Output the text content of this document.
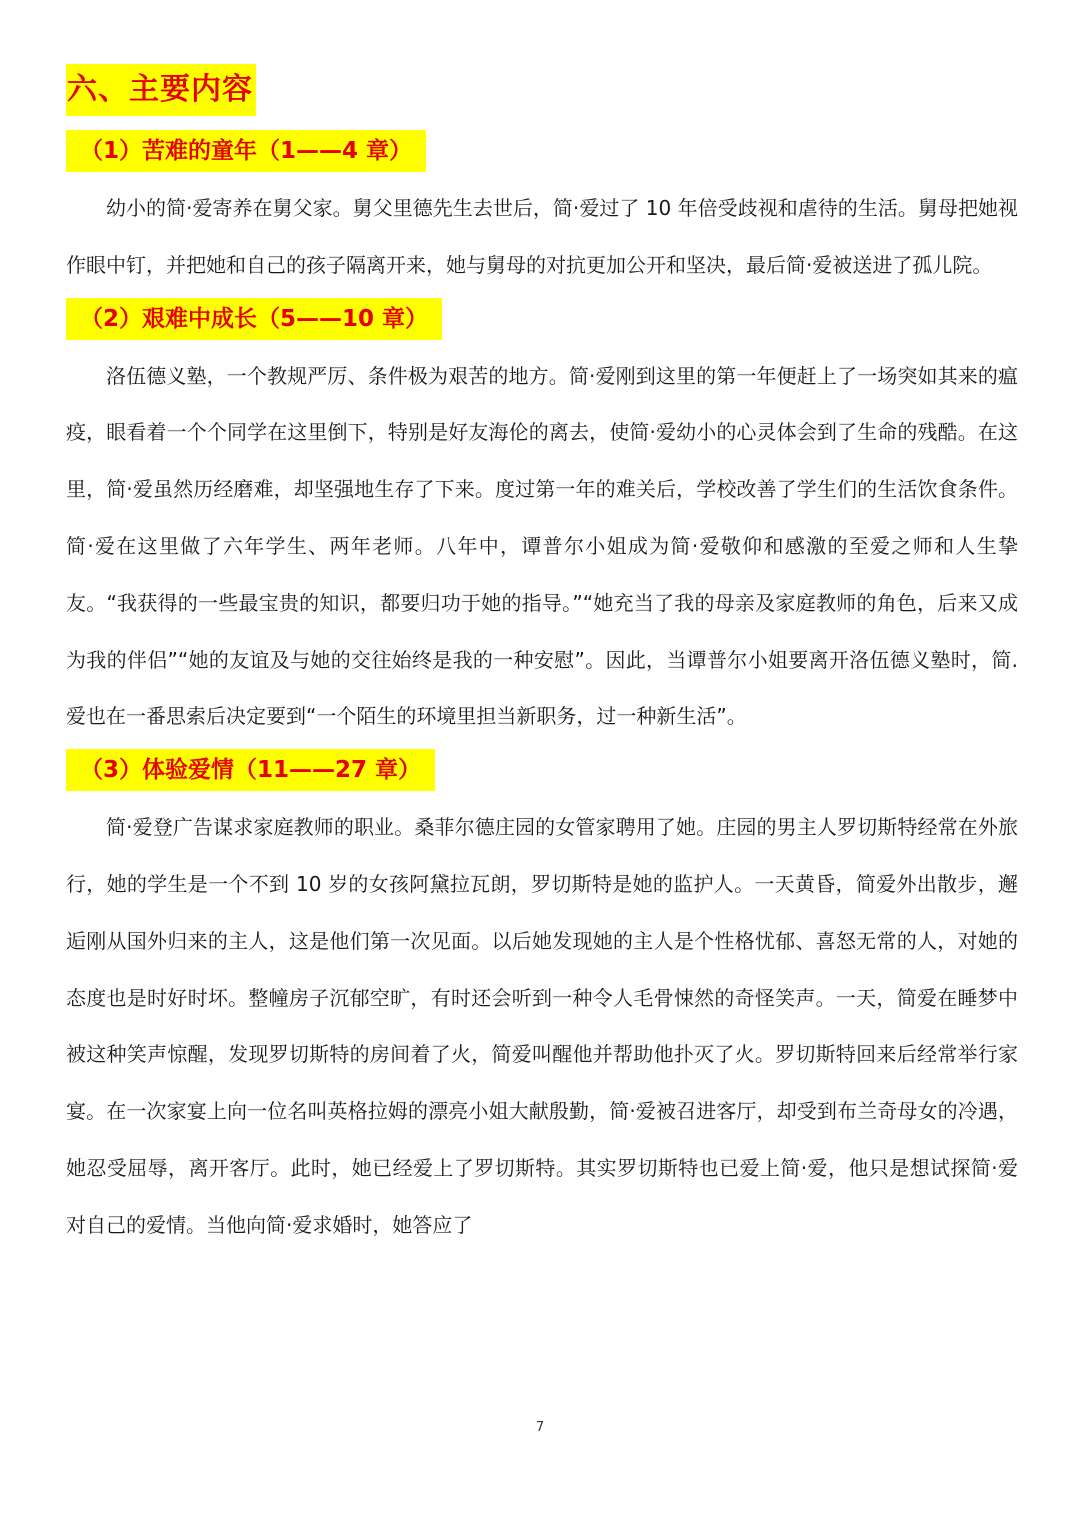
六、主要内容
（1）苦难的童年（1——4 章）

幼小的简·爱寄养在舅父家。舅父里德先生去世后，简·爱过了 10 年倍受歧视和虐待的生活。舅母把她视作眼中钉，并把她和自己的孩子隔离开来，她与舅母的对抗更加公开和坚决，最后简·爱被送进了孤儿院。

（2）艰难中成长（5——10 章）

洛伍德义塾，一个教规严厉、条件极为艰苦的地方。简·爱刚到这里的第一年便赶上了一场突如其来的瘟疫，眼看着一个个同学在这里倒下，特别是好友海伦的离去，使简·爱幼小的心灵体会到了生命的残酷。在这里，简·爱虽然历经磨难，却坚强地生存了下来。度过第一年的难关后，学校改善了学生们的生活饮食条件。简·爱在这里做了六年学生、两年老师。八年中，谭普尔小姐成为简·爱敬仰和感激的至爱之师和人生挚友。“我获得的一些最宝贵的知识，都要归功于她的指导。”“她充当了我的母亲及家庭教师的角色，后来又成为我的伴侣”“她的友谊及与她的交往始终是我的一种安慰”。因此，当谭普尔小姐要离开洛伍德义塾时，简.爱也在一番思索后决定要到“一个陌生的环境里担当新职务，过一种新生活”。

（3）体验爱情（11——27 章）

简·爱登广告谋求家庭教师的职业。桑菲尔德庄园的女管家聘用了她。庄园的男主人罗切斯特经常在外旅行，她的学生是一个不到 10 岁的女孩阿黛拉瓦朗，罗切斯特是她的监护人。一天黄昏，简爱外出散步，邂逅刚从国外归来的主人，这是他们第一次见面。以后她发现她的主人是个性格忧郁、喜怒无常的人，对她的态度也是时好时坏。整幢房子沉郁空旷，有时还会听到一种令人毛骨悚然的奇怪笑声。一天，简爱在睡梦中被这种笑声惊醒，发现罗切斯特的房间着了火，简爱叫醒他并帮助他扑灭了火。罗切斯特回来后经常举行家宴。在一次家宴上向一位名叫英格拉姆的漂亮小姐大献殷勤，简·爱被召进客厅，却受到布兰奇母女的冷遇，她忍受屈辱，离开客厅。此时，她已经爱上了罗切斯特。其实罗切斯特也已爱上简·爱，他只是想试探简·爱对自己的爱情。当他向简·爱求婚时，她答应了

7
